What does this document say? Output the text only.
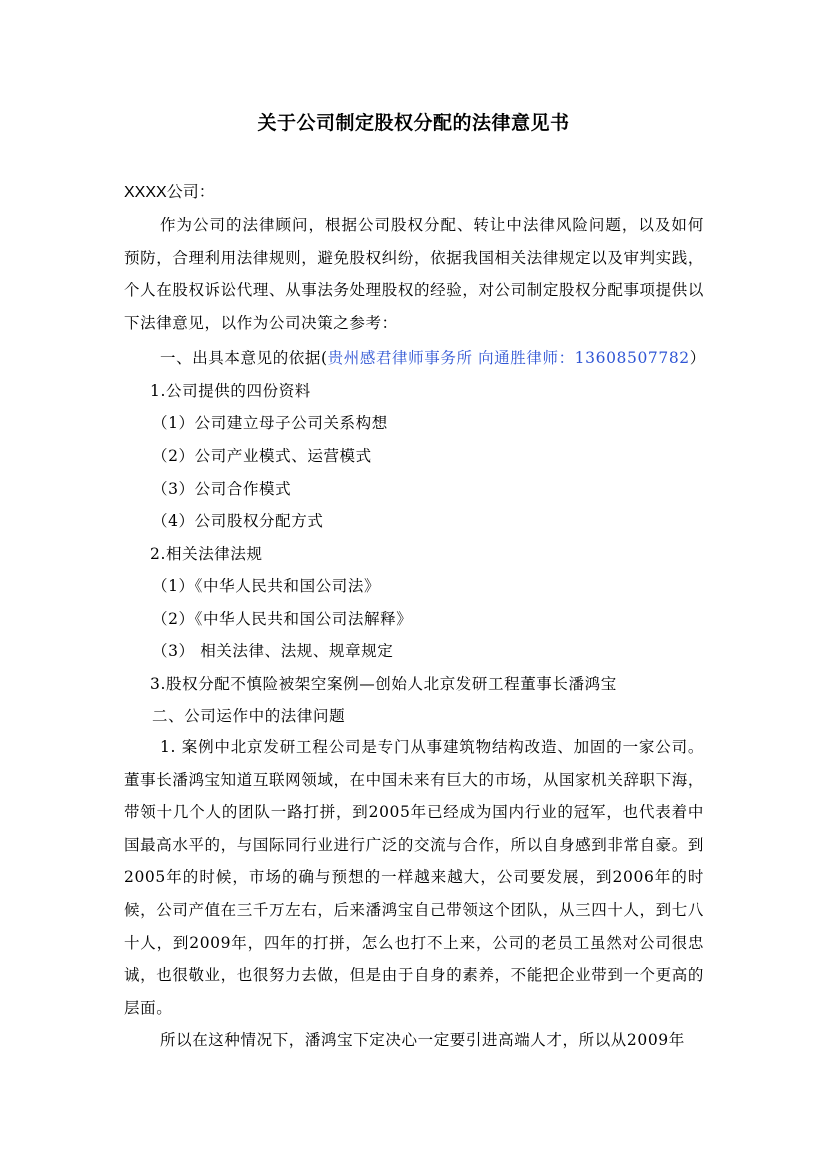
关于公司制定股权分配的法律意见书
XXXX公司：
作为公司的法律顾问，根据公司股权分配、转让中法律风险问题，以及如何预防，合理利用法律规则，避免股权纠纷，依据我国相关法律规定以及审判实践，个人在股权诉讼代理、从事法务处理股权的经验，对公司制定股权分配事项提供以下法律意见，以作为公司决策之参考：
一、出具本意见的依据(贵州感君律师事务所 向通胜律师：13608507782）
1.公司提供的四份资料
（1）公司建立母子公司关系构想
（2）公司产业模式、运营模式
（3）公司合作模式
（4）公司股权分配方式
2.相关法律法规
（1）《中华人民共和国公司法》
（2）《中华人民共和国公司法解释》
（3） 相关法律、法规、规章规定
3.股权分配不慎险被架空案例—创始人北京发研工程董事长潘鸿宝
二、公司运作中的法律问题
1. 案例中北京发研工程公司是专门从事建筑物结构改造、加固的一家公司。董事长潘鸿宝知道互联网领域，在中国未来有巨大的市场，从国家机关辞职下海，带领十几个人的团队一路打拼，到2005年已经成为国内行业的冠军，也代表着中国最高水平的，与国际同行业进行广泛的交流与合作，所以自身感到非常自豪。到2005年的时候，市场的确与预想的一样越来越大，公司要发展，到2006年的时候，公司产值在三千万左右，后来潘鸿宝自己带领这个团队，从三四十人，到七八十人，到2009年，四年的打拼，怎么也打不上来，公司的老员工虽然对公司很忠诚，也很敬业，也很努力去做，但是由于自身的素养，不能把企业带到一个更高的层面。
所以在这种情况下，潘鸿宝下定决心一定要引进高端人才，所以从2009年
